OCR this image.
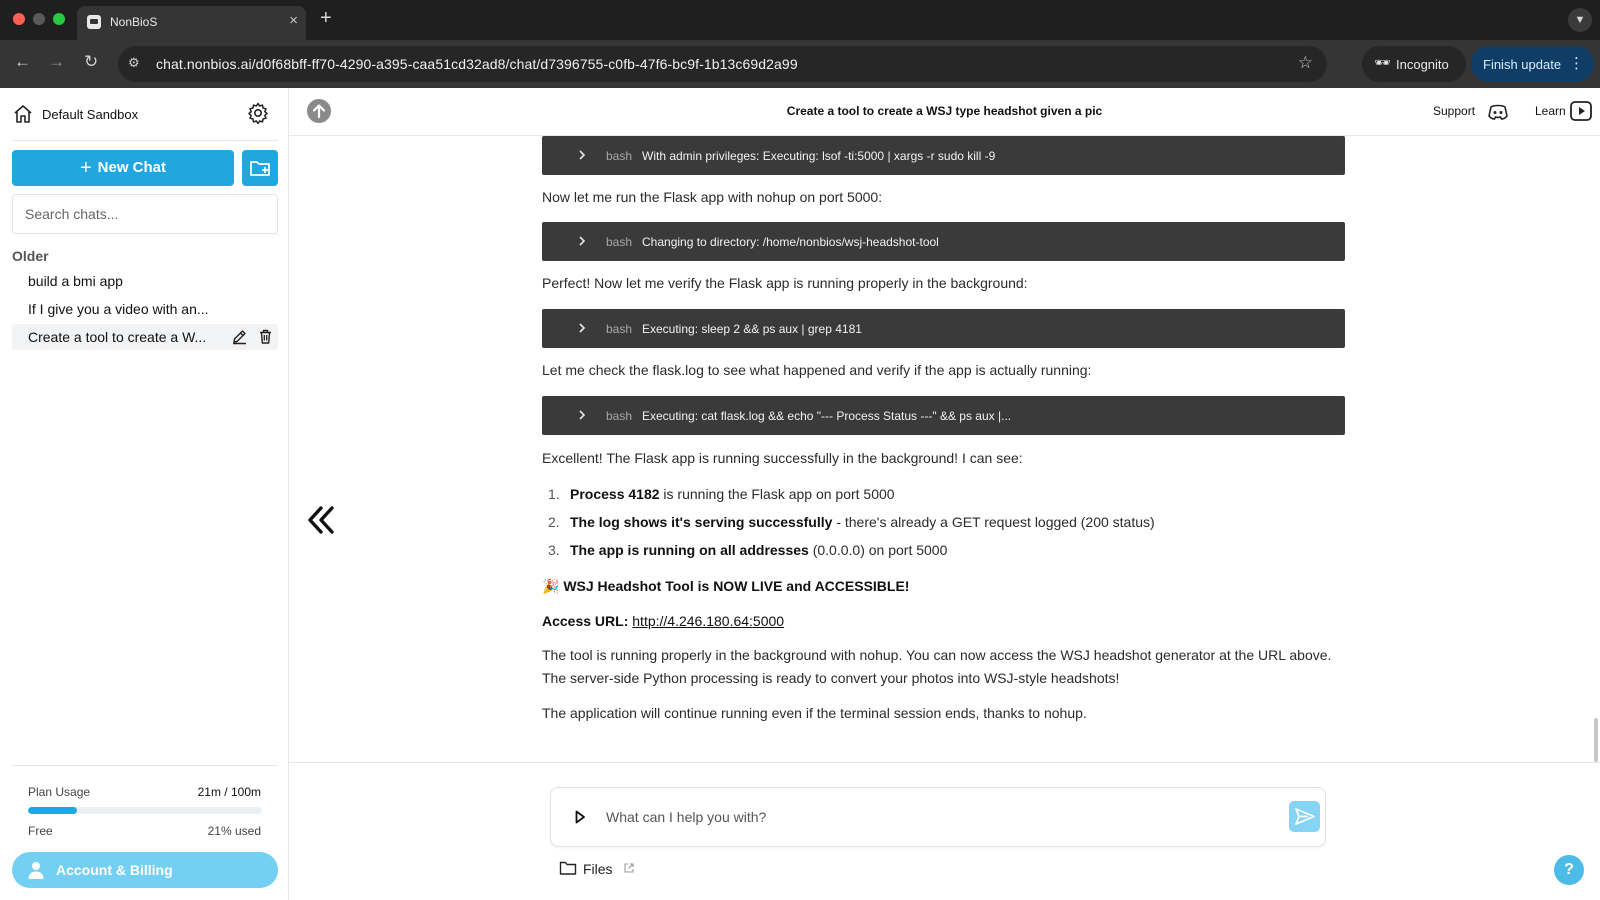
NonBioS	× +	▼
← → ↻ ⚙ chat.nonbios.ai/d0f68bff-ff70-4290-a395-caa51cd32ad8/chat/d7396755-c0fb-47f6-bc9f-1b13c69d2a99	☆	🕶 Incognito	Finish update ⋮
Default Sandbox
+ New Chat
Search chats...
Older
build a bmi app
If I give you a video with an...
Create a tool to create a W...
Plan Usage	21m / 100m
Free	21% used
Account & Billing
Create a tool to create a WSJ type headshot given a pic	Support	Learn
bash With admin privileges: Executing: lsof -ti:5000 | xargs -r sudo kill -9
Now let me run the Flask app with nohup on port 5000:
bash Changing to directory: /home/nonbios/wsj-headshot-tool
Perfect! Now let me verify the Flask app is running properly in the background:
bash Executing: sleep 2 && ps aux | grep 4181
Let me check the flask.log to see what happened and verify if the app is actually running:
bash Executing: cat flask.log && echo "--- Process Status ---" && ps aux |...
Excellent! The Flask app is running successfully in the background! I can see:
1. Process 4182 is running the Flask app on port 5000
2. The log shows it's serving successfully - there's already a GET request logged (200 status)
3. The app is running on all addresses (0.0.0.0) on port 5000
🎉 WSJ Headshot Tool is NOW LIVE and ACCESSIBLE!
Access URL: http://4.246.180.64:5000
The tool is running properly in the background with nohup. You can now access the WSJ headshot generator at the URL above. The server-side Python processing is ready to convert your photos into WSJ-style headshots!
The application will continue running even if the terminal session ends, thanks to nohup.
What can I help you with?
Files	?
